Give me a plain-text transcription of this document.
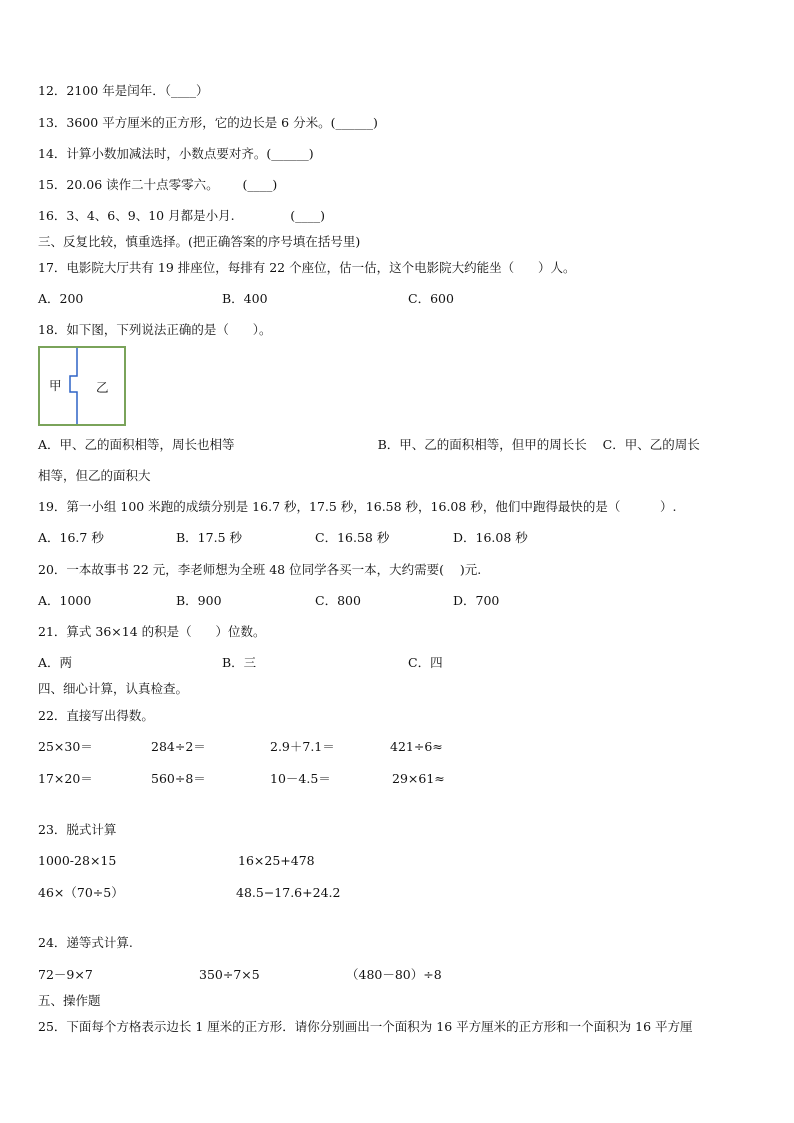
12．2100 年是闰年．（____）
13．3600 平方厘米的正方形，它的边长是 6 分米。(______)
14．计算小数加减法时，小数点要对齐。(______)
15．20.06 读作二十点零零六。      (____)
16．3、4、6、9、10 月都是小月.              (____)
三、反复比较，慎重选择。(把正确答案的序号填在括号里)
17．电影院大厅共有 19 排座位，每排有 22 个座位，估一估，这个电影院大约能坐（      ）人。
A．200	B．400	C．600
18．如下图，下列说法正确的是（      ）。
甲	乙
A．甲、乙的面积相等，周长也相等                                    B．甲、乙的面积相等，但甲的周长长    C．甲、乙的周长
相等，但乙的面积大
19．第一小组 100 米跑的成绩分别是 16.7 秒，17.5 秒，16.58 秒，16.08 秒，他们中跑得最快的是（          ）.
A．16.7 秒	B．17.5 秒	C．16.58 秒	D．16.08 秒
20．一本故事书 22 元，李老师想为全班 48 位同学各买一本，大约需要(    )元.
A．1000	B．900	C．800	D．700
21．算式 36×14 的积是（      ）位数。
A．两	B．三	C．四
四、细心计算，认真检查。
22．直接写出得数。
25×30＝	284÷2＝	2.9＋7.1＝	421÷6≈
17×20＝	560÷8＝	10－4.5＝	29×61≈
23．脱式计算
1000-28×15	16×25+478
46×（70÷5）	48.5−17.6+24.2
24．递等式计算.
72－9×7	350÷7×5	（480－80）÷8
五、操作题
25．下面每个方格表示边长 1 厘米的正方形．请你分别画出一个面积为 16 平方厘米的正方形和一个面积为 16 平方厘
